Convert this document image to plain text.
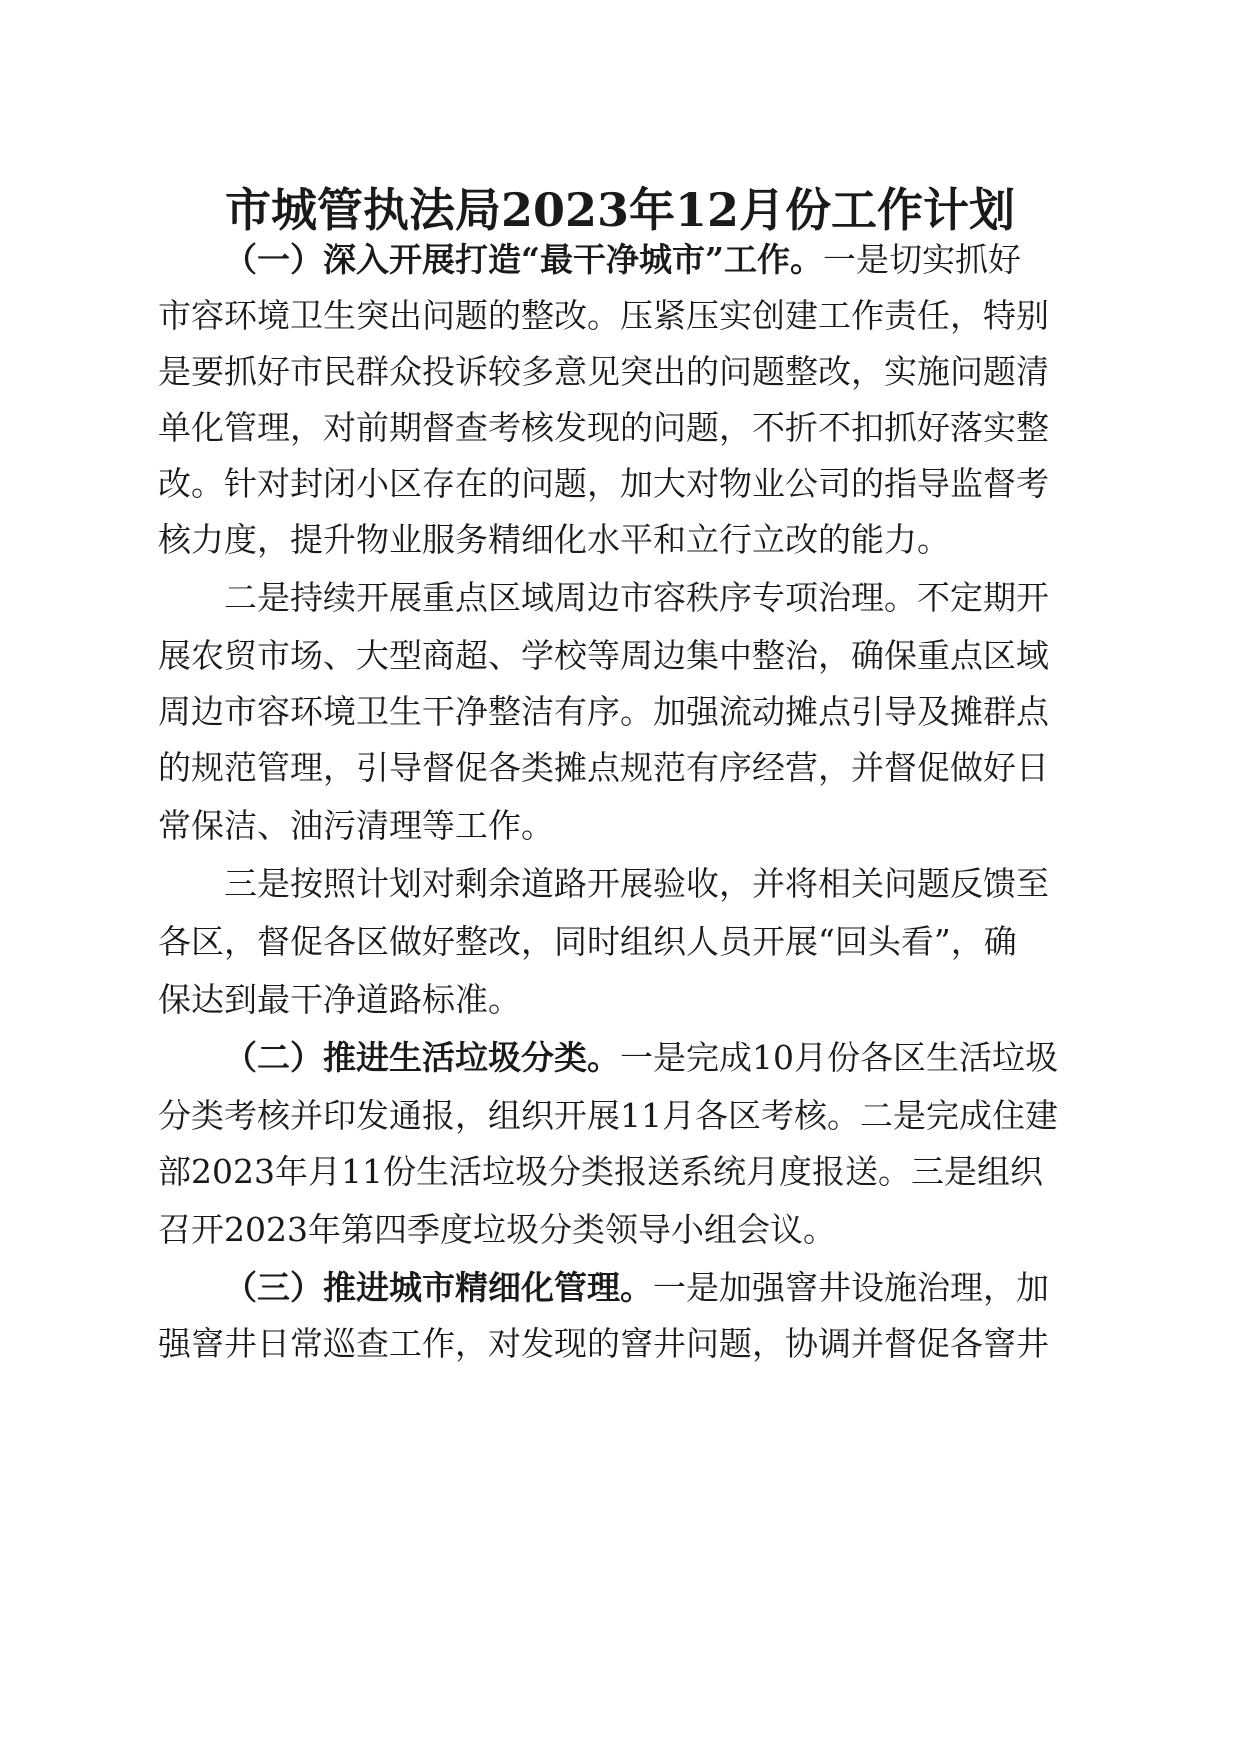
市城管执法局2023年12月份工作计划

（一）深入开展打造“最干净城市”工作。一是切实抓好

市容环境卫生突出问题的整改。压紧压实创建工作责任，特别

是要抓好市民群众投诉较多意见突出的问题整改，实施问题清

单化管理，对前期督查考核发现的问题，不折不扣抓好落实整

改。针对封闭小区存在的问题，加大对物业公司的指导监督考

核力度，提升物业服务精细化水平和立行立改的能力。

二是持续开展重点区域周边市容秩序专项治理。不定期开

展农贸市场、大型商超、学校等周边集中整治，确保重点区域

周边市容环境卫生干净整洁有序。加强流动摊点引导及摊群点

的规范管理，引导督促各类摊点规范有序经营，并督促做好日

常保洁、油污清理等工作。

三是按照计划对剩余道路开展验收，并将相关问题反馈至

各区，督促各区做好整改，同时组织人员开展“回头看”，确

保达到最干净道路标准。

（二）推进生活垃圾分类。一是完成10月份各区生活垃圾

分类考核并印发通报，组织开展11月各区考核。二是完成住建

部2023年月11份生活垃圾分类报送系统月度报送。三是组织

召开2023年第四季度垃圾分类领导小组会议。

（三）推进城市精细化管理。一是加强窨井设施治理，加

强窨井日常巡查工作，对发现的窨井问题，协调并督促各窨井
